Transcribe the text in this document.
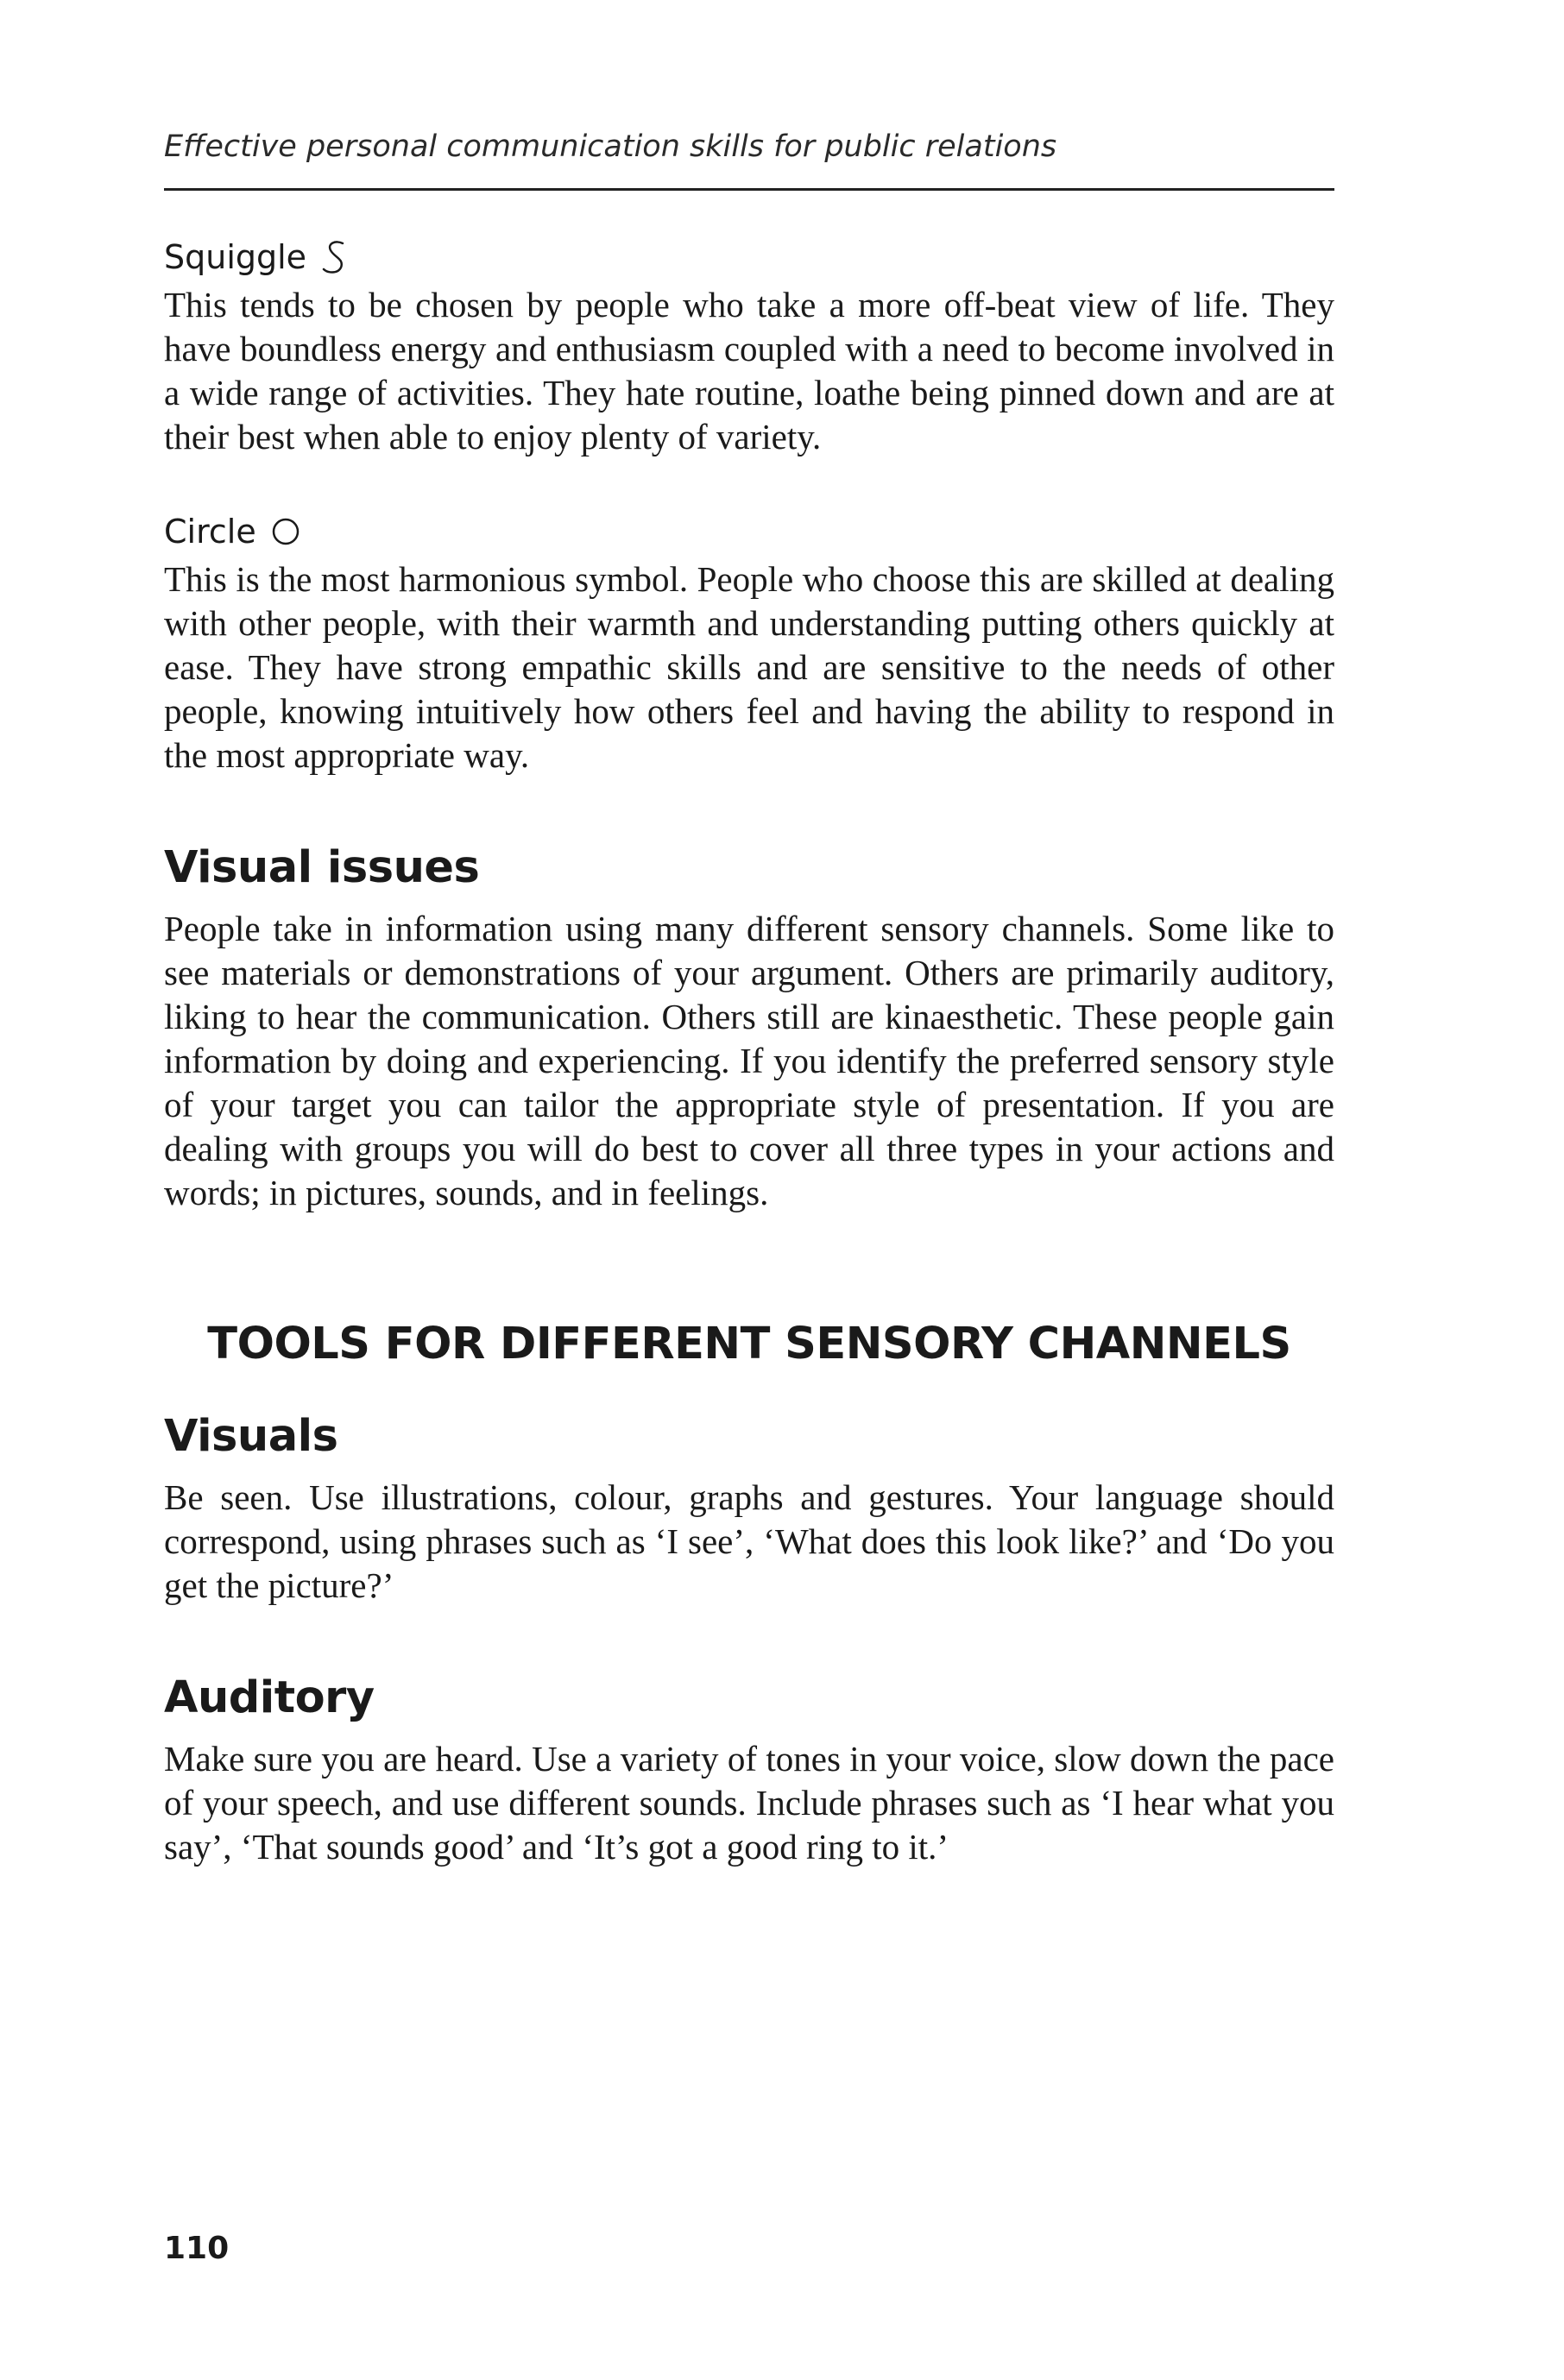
Effective personal communication skills for public relations
Squiggle

This tends to be chosen by people who take a more off-beat view of life. They have boundless energy and enthusiasm coupled with a need to become involved in a wide range of activities. They hate routine, loathe being pinned down and are at their best when able to enjoy plenty of variety.

Circle

This is the most harmonious symbol. People who choose this are skilled at dealing with other people, with their warmth and understanding putting others quickly at ease. They have strong empathic skills and are sensitive to the needs of other people, knowing intuitively how others feel and having the ability to respond in the most appropriate way.

Visual issues

People take in information using many different sensory channels. Some like to see materials or demonstrations of your argument. Others are primarily auditory, liking to hear the communication. Others still are kinaesthetic. These people gain information by doing and experiencing. If you identify the preferred sensory style of your target you can tailor the appropriate style of presentation. If you are dealing with groups you will do best to cover all three types in your actions and words; in pictures, sounds, and in feelings.

TOOLS FOR DIFFERENT SENSORY CHANNELS
Visuals

Be seen. Use illustrations, colour, graphs and gestures. Your language should correspond, using phrases such as ‘I see’, ‘What does this look like?’ and ‘Do you get the picture?’

Auditory

Make sure you are heard. Use a variety of tones in your voice, slow down the pace of your speech, and use different sounds. Include phrases such as ‘I hear what you say’, ‘That sounds good’ and ‘It’s got a good ring to it.’

110
